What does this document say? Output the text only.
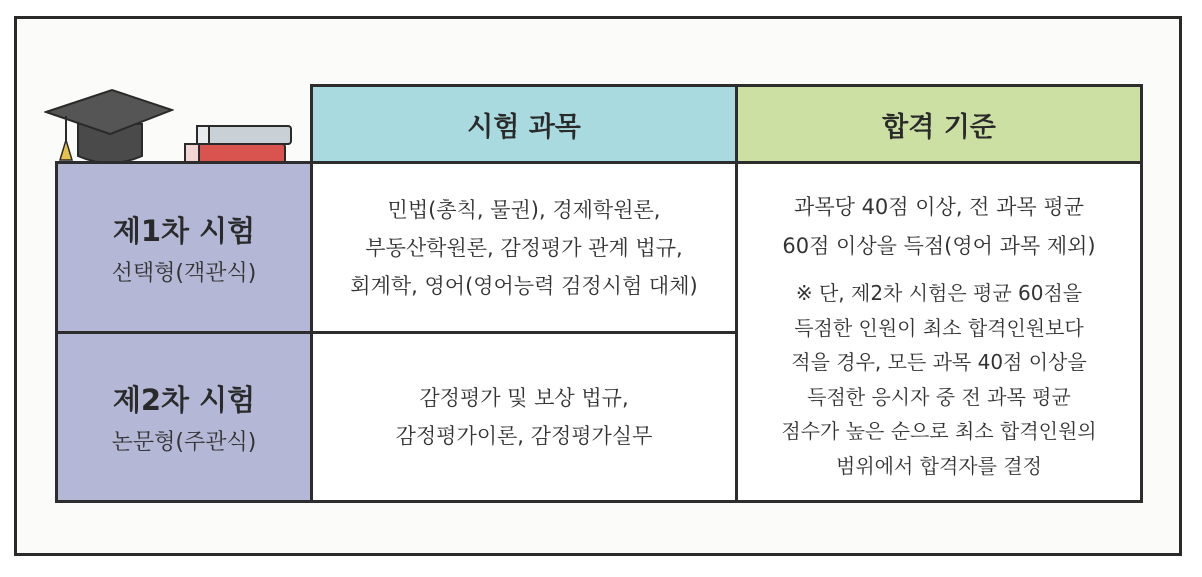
시험 과목	합격 기준
제1차 시험
선택형(객관식)
민법(총칙, 물권), 경제학원론,
부동산학원론, 감정평가 관계 법규,
회계학, 영어(영어능력 검정시험 대체)
제2차 시험
논문형(주관식)
감정평가 및 보상 법규,
감정평가이론, 감정평가실무
과목당 40점 이상, 전 과목 평균
60점 이상을 득점(영어 과목 제외)
※ 단, 제2차 시험은 평균 60점을
득점한 인원이 최소 합격인원보다
적을 경우, 모든 과목 40점 이상을
득점한 응시자 중 전 과목 평균
점수가 높은 순으로 최소 합격인원의
범위에서 합격자를 결정
